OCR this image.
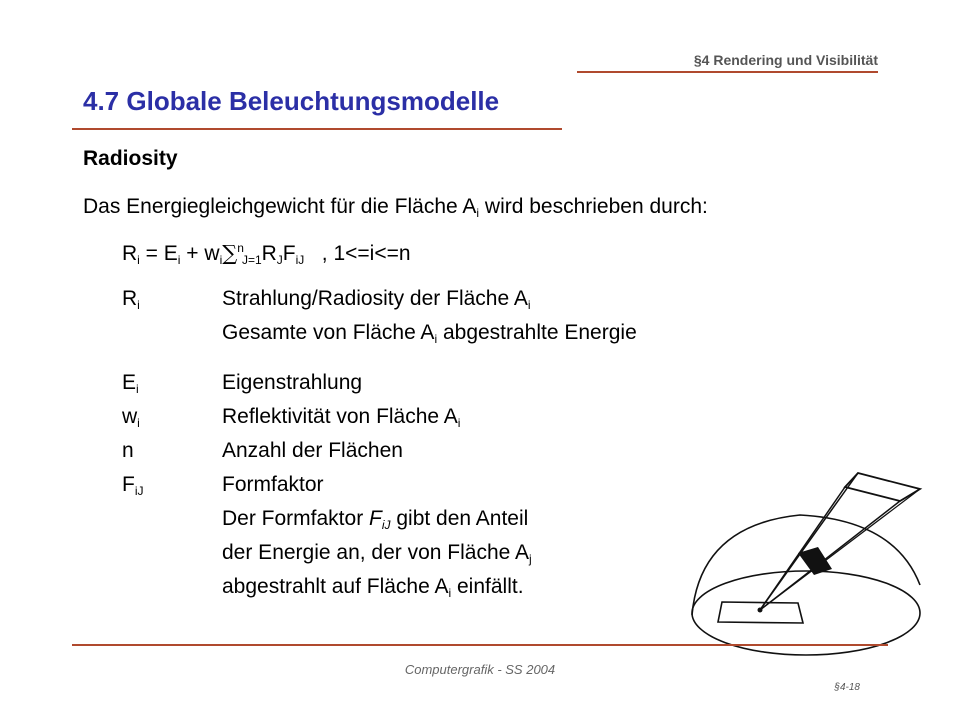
§4 Rendering und Visibilität
4.7 Globale Beleuchtungsmodelle
Radiosity
Das Energiegleichgewicht für die Fläche $A_i$ wird beschrieben durch:
$R_i = E_i + w_i\sum^n_{J=1}R_JF_{iJ}$   , 1<=i<=n
$R_i$	Strahlung/Radiosity der Fläche $A_i$
Gesamte von Fläche $A_i$ abgestrahlte Energie
$E_i$	Eigenstrahlung
$w_i$	Reflektivität von Fläche $A_i$
n	Anzahl der Flächen
$F_{iJ}$	Formfaktor
Der Formfaktor $F_{iJ}$ gibt den Anteil
der Energie an, der von Fläche $A_j$
abgestrahlt auf Fläche $A_i$ einfällt.
Computergrafik - SS 2004
§4-18
